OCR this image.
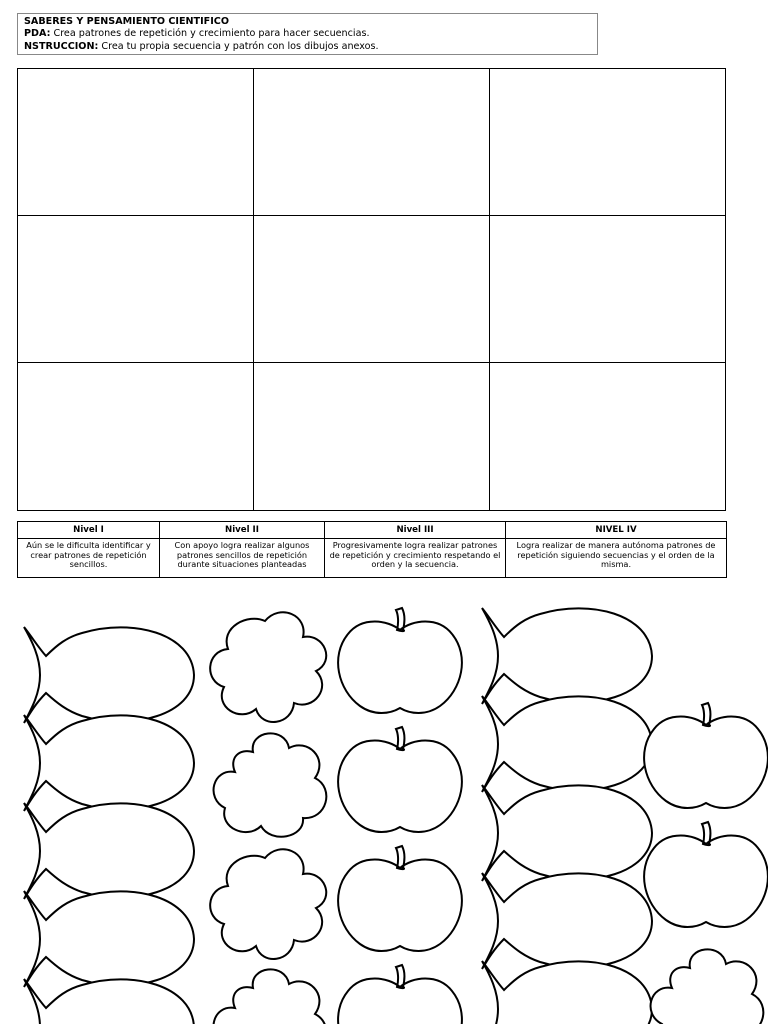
SABERES Y PENSAMIENTO CIENTIFICO
PDA: Crea patrones de repetición y crecimiento para hacer secuencias.
NSTRUCCION: Crea tu propia secuencia y patrón con los dibujos anexos.
Nivel I	Nivel II	Nivel III	NIVEL IV
Aún se le dificulta identificar y crear patrones de repetición sencillos.	Con apoyo logra realizar algunos patrones sencillos de repetición durante situaciones planteadas	Progresivamente logra realizar patrones de repetición y crecimiento respetando el orden y la secuencia.	Logra realizar de manera autónoma patrones de repetición siguiendo secuencias y el orden de la misma.
